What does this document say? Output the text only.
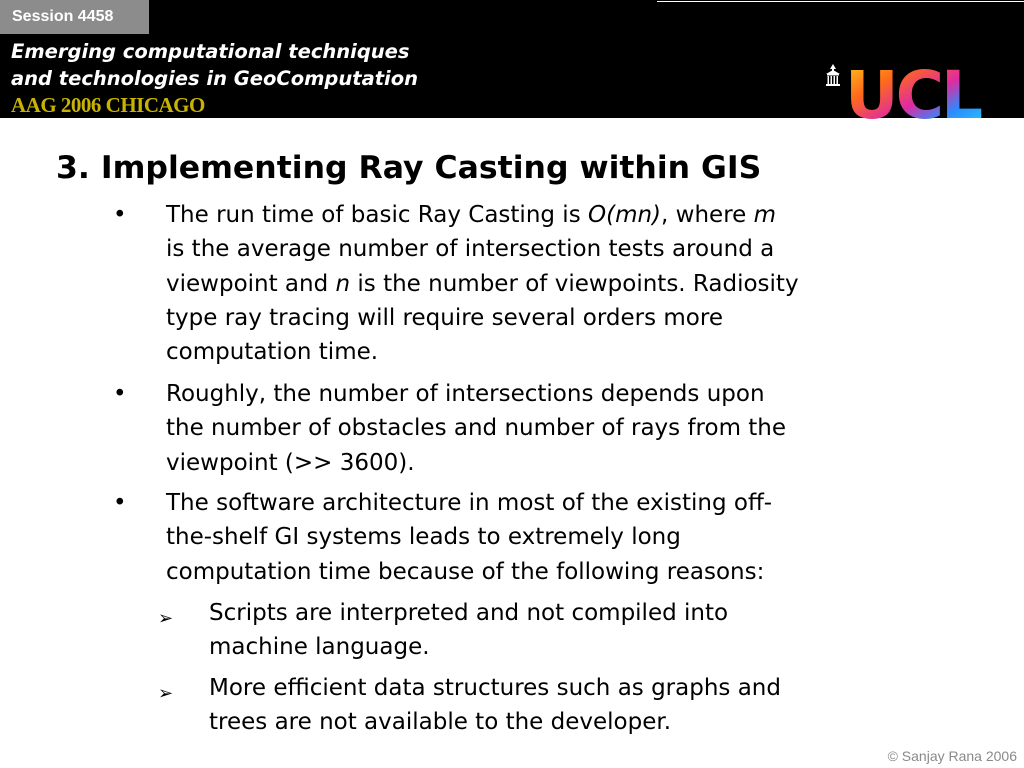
Session 4458
Emerging computational techniques
and technologies in GeoComputation
AAG 2006 CHICAGO	UCL
3. Implementing Ray Casting within GIS
• The run time of basic Ray Casting is O(mn), where m
is the average number of intersection tests around a
viewpoint and n is the number of viewpoints. Radiosity
type ray tracing will require several orders more
computation time.
• Roughly, the number of intersections depends upon
the number of obstacles and number of rays from the
viewpoint (>> 3600).
• The software architecture in most of the existing off-
the-shelf GI systems leads to extremely long
computation time because of the following reasons:
➢ Scripts are interpreted and not compiled into
machine language.
➢ More efficient data structures such as graphs and
trees are not available to the developer.
© Sanjay Rana 2006
